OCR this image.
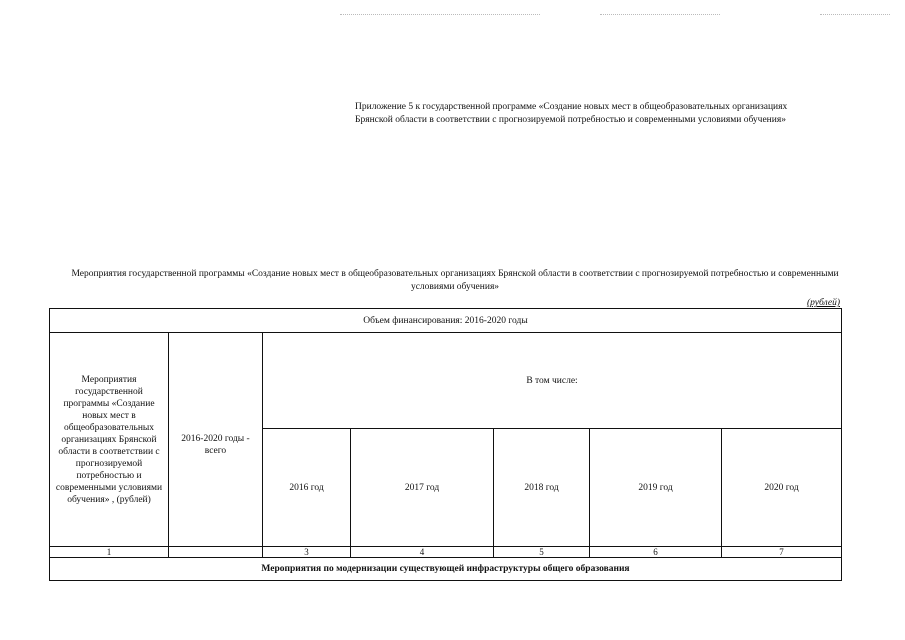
Приложение 5 к государственной программе «Создание новых мест в общеобразовательных организациях Брянской области в соответствии с прогнозируемой потребностью и современными условиями обучения»
Мероприятия государственной программы «Создание новых мест в общеобразовательных организациях Брянской области в соответствии с прогнозируемой потребностью и современными условиями обучения»
(рублей)
Объем финансирования: 2016-2020 годы						
Мероприятия государственной программы «Создание новых мест в общеобразовательных организациях Брянской области в соответствии с прогнозируемой потребностью и современными условиями обучения» , (рублей)	2016-2020 годы - всего	В том числе:				
		2016 год	2017 год	2018 год	2019 год	2020 год
1		3	4	5	6	7
Мероприятия по модернизации существующей инфраструктуры общего образования						
